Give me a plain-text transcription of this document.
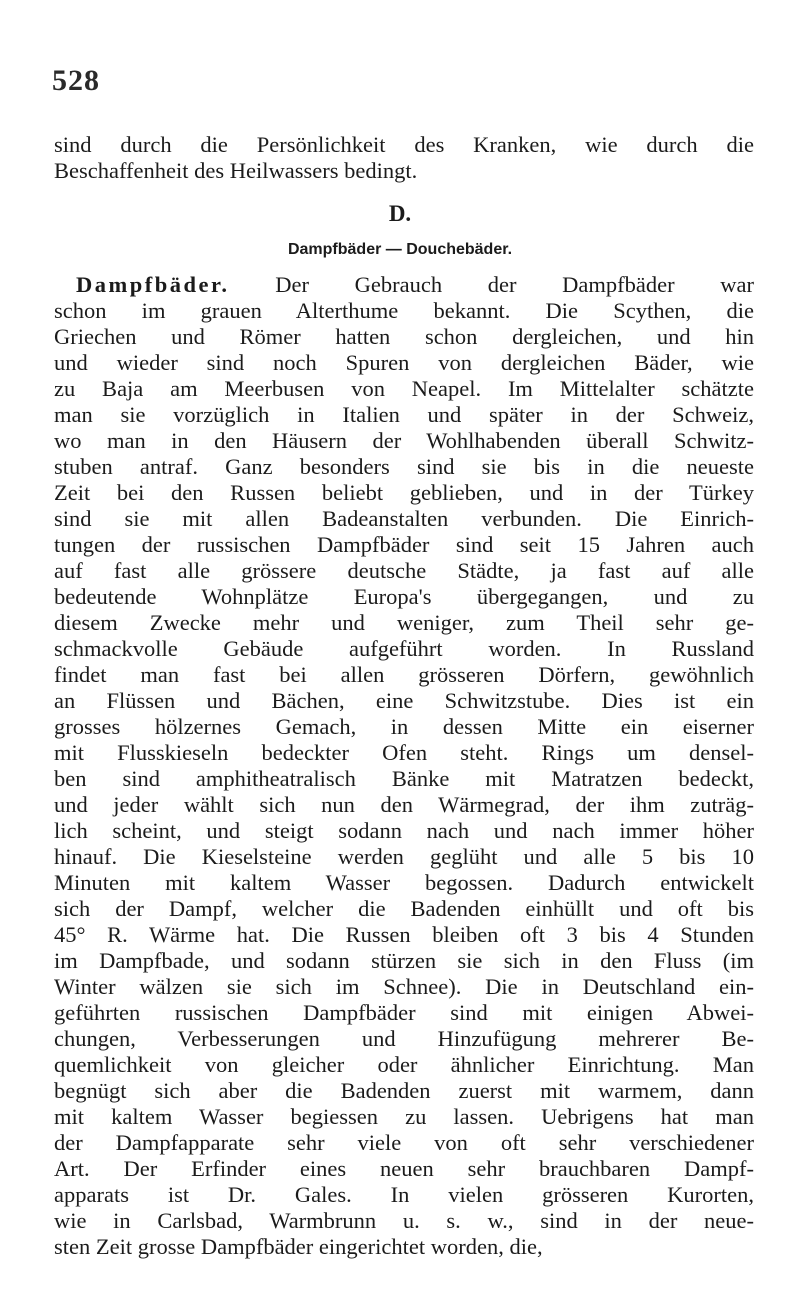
528
sind durch die Persönlichkeit des Kranken, wie durch die
Beschaffenheit des Heilwassers bedingt.
D.
Dampfbäder — Douchebäder.
Dampfbäder. Der Gebrauch der Dampfbäder war
schon im grauen Alterthume bekannt. Die Scythen, die
Griechen und Römer hatten schon dergleichen, und hin
und wieder sind noch Spuren von dergleichen Bäder, wie
zu Baja am Meerbusen von Neapel. Im Mittelalter schätzte
man sie vorzüglich in Italien und später in der Schweiz,
wo man in den Häusern der Wohlhabenden überall Schwitz-
stuben antraf. Ganz besonders sind sie bis in die neueste
Zeit bei den Russen beliebt geblieben, und in der Türkey
sind sie mit allen Badeanstalten verbunden. Die Einrich-
tungen der russischen Dampfbäder sind seit 15 Jahren auch
auf fast alle grössere deutsche Städte, ja fast auf alle
bedeutende Wohnplätze Europa's übergegangen, und zu
diesem Zwecke mehr und weniger, zum Theil sehr ge-
schmackvolle Gebäude aufgeführt worden. In Russland
findet man fast bei allen grösseren Dörfern, gewöhnlich
an Flüssen und Bächen, eine Schwitzstube. Dies ist ein
grosses hölzernes Gemach, in dessen Mitte ein eiserner
mit Flusskieseln bedeckter Ofen steht. Rings um densel-
ben sind amphitheatralisch Bänke mit Matratzen bedeckt,
und jeder wählt sich nun den Wärmegrad, der ihm zuträg-
lich scheint, und steigt sodann nach und nach immer höher
hinauf. Die Kieselsteine werden geglüht und alle 5 bis 10
Minuten mit kaltem Wasser begossen. Dadurch entwickelt
sich der Dampf, welcher die Badenden einhüllt und oft bis
45° R. Wärme hat. Die Russen bleiben oft 3 bis 4 Stunden
im Dampfbade, und sodann stürzen sie sich in den Fluss (im
Winter wälzen sie sich im Schnee). Die in Deutschland ein-
geführten russischen Dampfbäder sind mit einigen Abwei-
chungen, Verbesserungen und Hinzufügung mehrerer Be-
quemlichkeit von gleicher oder ähnlicher Einrichtung. Man
begnügt sich aber die Badenden zuerst mit warmem, dann
mit kaltem Wasser begiessen zu lassen. Uebrigens hat man
der Dampfapparate sehr viele von oft sehr verschiedener
Art. Der Erfinder eines neuen sehr brauchbaren Dampf-
apparats ist Dr. Gales. In vielen grösseren Kurorten,
wie in Carlsbad, Warmbrunn u. s. w., sind in der neue-
sten Zeit grosse Dampfbäder eingerichtet worden, die,
